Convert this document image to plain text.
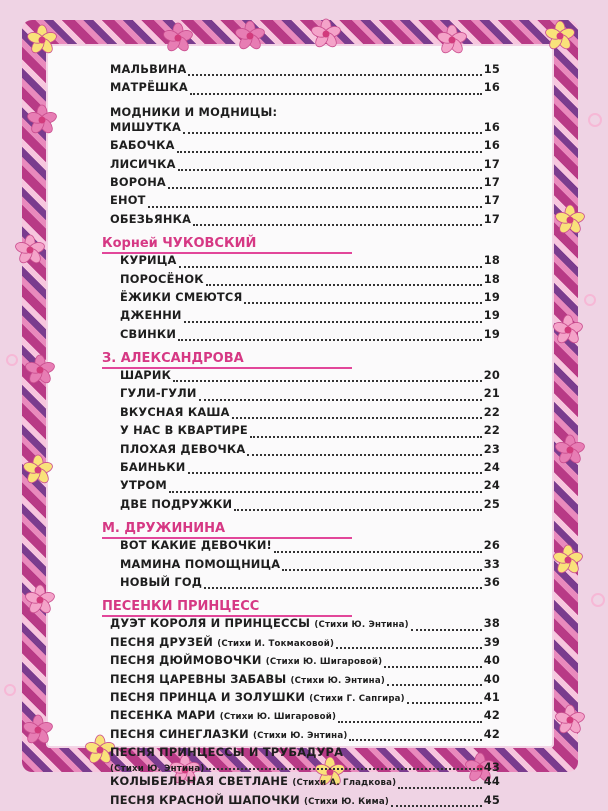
МАЛЬВИНА	15
МАТРЁШКА	16
МОДНИКИ И МОДНИЦЫ:
МИШУТКА	16
БАБОЧКА	16
ЛИСИЧКА	17
ВОРОНА	17
ЕНОТ	17
ОБЕЗЬЯНКА	17
Корней ЧУКОВСКИЙ
КУРИЦА	18
ПОРОСЁНОК	18
ЁЖИКИ СМЕЮТСЯ	19
ДЖЕННИ	19
СВИНКИ	19
З. АЛЕКСАНДРОВА
ШАРИК	20
ГУЛИ-ГУЛИ	21
ВКУСНАЯ КАША	22
У НАС В КВАРТИРЕ	22
ПЛОХАЯ ДЕВОЧКА	23
БАИНЬКИ	24
УТРОМ	24
ДВЕ ПОДРУЖКИ	25
М. ДРУЖИНИНА
ВОТ КАКИЕ ДЕВОЧКИ!	26
МАМИНА ПОМОЩНИЦА	33
НОВЫЙ ГОД	36
ПЕСЕНКИ ПРИНЦЕСС
ДУЭТ КОРОЛЯ И ПРИНЦЕССЫ (Стихи Ю. Энтина)	38
ПЕСНЯ ДРУЗЕЙ (Стихи И. Токмаковой)	39
ПЕСНЯ ДЮЙМОВОЧКИ (Стихи Ю. Шигаровой)	40
ПЕСНЯ ЦАРЕВНЫ ЗАБАВЫ (Стихи Ю. Энтина)	40
ПЕСНЯ ПРИНЦА И ЗОЛУШКИ (Стихи Г. Сапгира)	41
ПЕСЕНКА МАРИ (Стихи Ю. Шигаровой)	42
ПЕСНЯ СИНЕГЛАЗКИ (Стихи Ю. Энтина)	42
ПЕСНЯ ПРИНЦЕССЫ И ТРУБАДУРА
(Стихи Ю. Энтина)	43
КОЛЫБЕЛЬНАЯ СВЕТЛАНЕ (Стихи А. Гладкова)	44
ПЕСНЯ КРАСНОЙ ШАПОЧКИ (Стихи Ю. Кима)	45
